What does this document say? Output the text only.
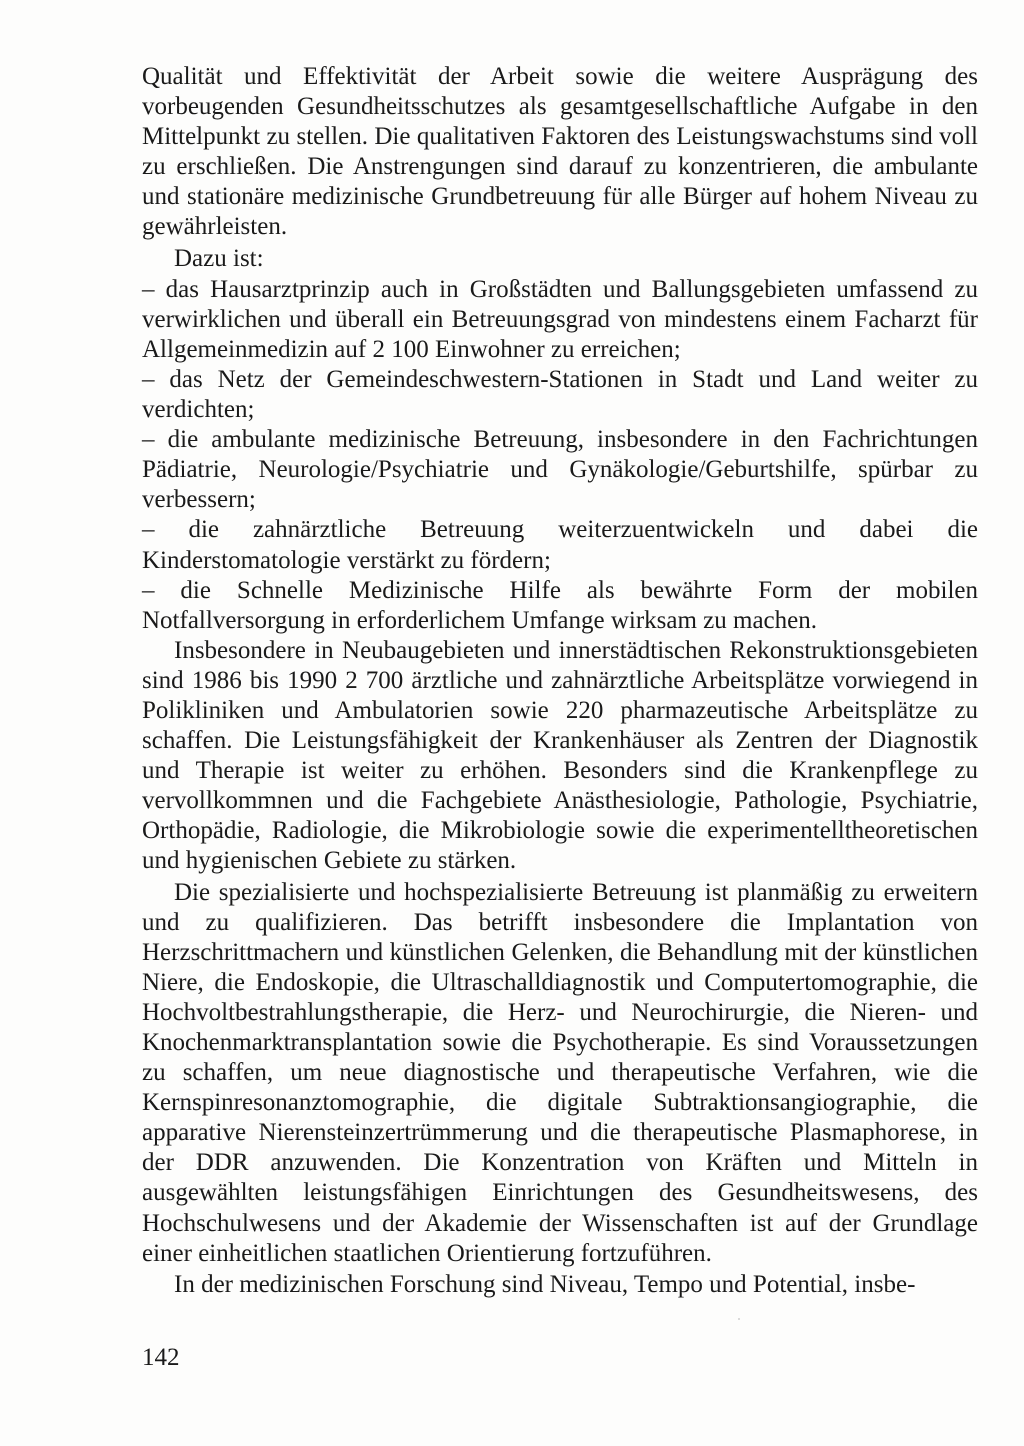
Qualität und Effektivität der Arbeit sowie die weitere Ausprägung des vorbeugenden Gesundheitsschutzes als gesamtgesellschaftliche Aufgabe in den Mittelpunkt zu stellen. Die qualitativen Faktoren des Leistungswachstums sind voll zu erschließen. Die Anstrengungen sind darauf zu konzentrieren, die ambulante und stationäre medizinische Grundbetreuung für alle Bürger auf hohem Niveau zu gewährleisten.

Dazu ist:

– das Hausarztprinzip auch in Großstädten und Ballungsgebieten umfassend zu verwirklichen und überall ein Betreuungsgrad von mindestens einem Facharzt für Allgemeinmedizin auf 2 100 Einwohner zu erreichen;

– das Netz der Gemeindeschwestern-Stationen in Stadt und Land weiter zu verdichten;

– die ambulante medizinische Betreuung, insbesondere in den Fachrichtungen Pädiatrie, Neurologie/Psychiatrie und Gynäkologie/Geburtshilfe, spürbar zu verbessern;

– die zahnärztliche Betreuung weiterzuentwickeln und dabei die Kinderstomatologie verstärkt zu fördern;

– die Schnelle Medizinische Hilfe als bewährte Form der mobilen Notfallversorgung in erforderlichem Umfange wirksam zu machen.

Insbesondere in Neubaugebieten und innerstädtischen Rekonstruktionsgebieten sind 1986 bis 1990 2 700 ärztliche und zahnärztliche Arbeitsplätze vorwiegend in Polikliniken und Ambulatorien sowie 220 pharmazeutische Arbeitsplätze zu schaffen. Die Leistungsfähigkeit der Krankenhäuser als Zentren der Diagnostik und Therapie ist weiter zu erhöhen. Besonders sind die Krankenpflege zu vervollkommnen und die Fachgebiete Anästhesiologie, Pathologie, Psychiatrie, Orthopädie, Radiologie, die Mikrobiologie sowie die experimentelltheoretischen und hygienischen Gebiete zu stärken.

Die spezialisierte und hochspezialisierte Betreuung ist planmäßig zu erweitern und zu qualifizieren. Das betrifft insbesondere die Implantation von Herzschrittmachern und künstlichen Gelenken, die Behandlung mit der künstlichen Niere, die Endoskopie, die Ultraschalldiagnostik und Computertomographie, die Hochvoltbestrahlungstherapie, die Herz- und Neurochirurgie, die Nieren- und Knochenmarktransplantation sowie die Psychotherapie. Es sind Voraussetzungen zu schaffen, um neue diagnostische und therapeutische Verfahren, wie die Kernspinresonanztomographie, die digitale Subtraktionsangiographie, die apparative Nierensteinzertrümmerung und die therapeutische Plasmaphorese, in der DDR anzuwenden. Die Konzentration von Kräften und Mitteln in ausgewählten leistungsfähigen Einrichtungen des Gesundheitswesens, des Hochschulwesens und der Akademie der Wissenschaften ist auf der Grundlage einer einheitlichen staatlichen Orientierung fortzuführen.

In der medizinischen Forschung sind Niveau, Tempo und Potential, insbe-

142
